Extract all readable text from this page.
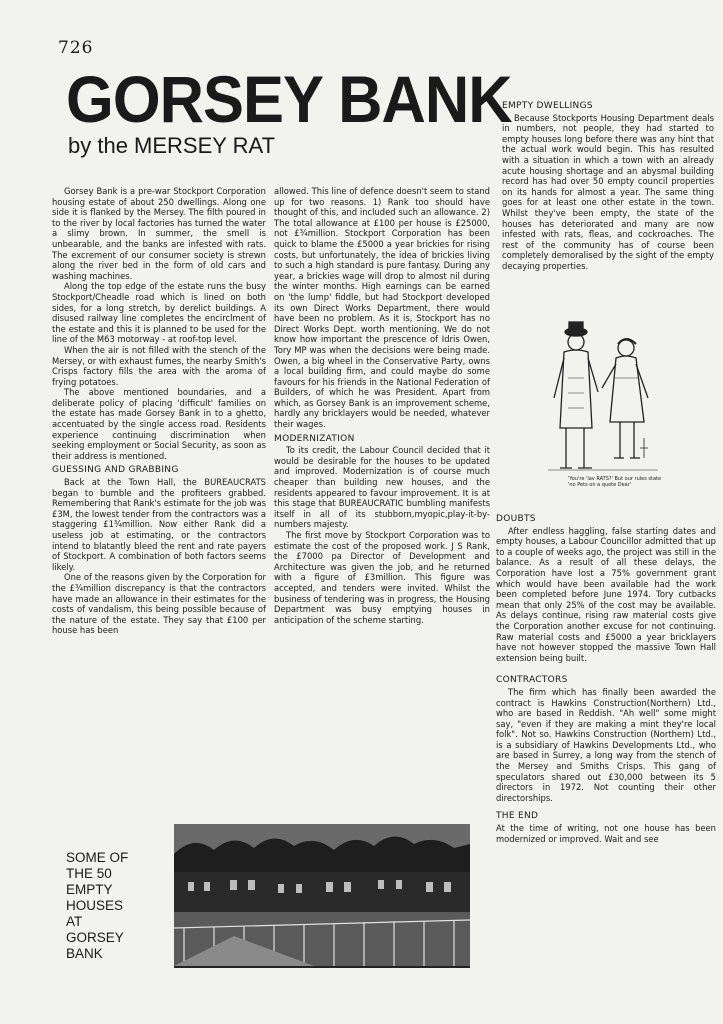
726
GORSEY BANK
by the MERSEY RAT

Gorsey Bank is a pre-war Stockport Corporation housing estate of about 250 dwellings. Along one side it is flanked by the Mersey. The filth poured in to the river by local factories has turned the water a slimy brown. In summer, the smell is unbearable, and the banks are infested with rats. The excrement of our consumer society is strewn along the river bed in the form of old cars and washing machines.

Along the top edge of the estate runs the busy Stockport/Cheadle road which is lined on both sides, for a long stretch, by derelict buildings. A disused railway line completes the encirclment of the estate and this it is planned to be used for the line of the M63 motorway - at roof-top level.

When the air is not filled with the stench of the Mersey, or with exhaust fumes, the nearby Smith's Crisps factory fills the area with the aroma of frying potatoes.

The above mentioned boundaries, and a deliberate policy of placing 'difficult' families on the estate has made Gorsey Bank in to a ghetto, accentuated by the single access road. Residents experience continuing discrimination when seeking employment or Social Security, as soon as their address is mentioned.

GUESSING AND GRABBING

Back at the Town Hall, the BUREAUCRATS began to bumble and the profiteers grabbed. Remembering that Rank's estimate for the job was £3M, the lowest tender from the contractors was a staggering £1¾million. Now either Rank did a useless job at estimating, or the contractors intend to blatantly bleed the rent and rate payers of Stockport. A combination of both factors seems likely.

One of the reasons given by the Corporation for the £¾million discrepancy is that the contractors have made an allowance in their estimates for the costs of vandalism, this being possible because of the nature of the estate. They say that £100 per house has been

allowed. This line of defence doesn't seem to stand up for two reasons. 1) Rank too should have thought of this, and included such an allowance. 2) The total allowance at £100 per house is £25000, not £¾million. Stockport Corporation has been quick to blame the £5000 a year brickies for rising costs, but unfortunately, the idea of brickies living to such a high standard is pure fantasy. During any year, a brickies wage will drop to almost nil during the winter months. High earnings can be earned on 'the lump' fiddle, but had Stockport developed its own Direct Works Department, there would have been no problem. As it is, Stockport has no Direct Works Dept. worth mentioning. We do not know how important the prescence of Idris Owen, Tory MP was when the decisions were being made. Owen, a big wheel in the Conservative Party, owns a local building firm, and could maybe do some favours for his friends in the National Federation of Builders, of which he was President. Apart from which, as Gorsey Bank is an improvement scheme, hardly any bricklayers would be needed, whatever their wages.

MODERNIZATION

To its credit, the Labour Council decided that it would be desirable for the houses to be updated and improved. Modernization is of course much cheaper than building new houses, and the residents appeared to favour improvement. It is at this stage that BUREAUCRATIC bumbling manifests itself in all of its stubborn,myopic,play-it-by-numbers majesty.

The first move by Stockport Corporation was to estimate the cost of the proposed work. J S Rank, the £7000 pa Director of Development and Architecture was given the job, and he returned with a figure of £3million. This figure was accepted, and tenders were invited. Whilst the business of tendering was in progress, the Housing Department was busy emptying houses in anticipation of the scheme starting.

EMPTY DWELLINGS

Because Stockports Housing Department deals in numbers, not people, they had started to empty houses long before there was any hint that the actual work would begin. This has resulted with a situation in which a town with an already acute housing shortage and an abysmal building record has had over 50 empty council properties on its hands for almost a year. The same thing goes for at least one other estate in the town. Whilst they've been empty, the state of the houses has deteriorated and many are now infested with rats, fleas, and cockroaches. The rest of the community has of course been completely demoralised by the sight of the empty decaying properties.

'You're 'lav RATS?' But our rules state 'no Pets on a quote Dear'
DOUBTS

After endless haggling, false starting dates and empty houses, a Labour Councillor admitted that up to a couple of weeks ago, the project was still in the balance. As a result of all these delays, the Corporation have lost a 75% government grant which would have been available had the work been completed before June 1974. Tory cutbacks mean that only 25% of the cost may be available. As delays continue, rising raw material costs give the Corporation another excuse for not continuing. Raw material costs and £5000 a year bricklayers have not however stopped the massive Town Hall extension being built.

CONTRACTORS

The firm which has finally been awarded the contract is Hawkins Construction(Northern) Ltd., who are based in Reddish. "Ah well" some might say, "even if they are making a mint they're local folk". Not so. Hawkins Construction (Northern) Ltd., is a subsidiary of Hawkins Developments Ltd., who are based in Surrey, a long way from the stench of the Mersey and Smiths Crisps. This gang of speculators shared out £30,000 between its 5 directors in 1972. Not counting their other directorships.

THE END

At the time of writing, not one house has been modernized or improved. Wait and see

SOME OF
THE 50
EMPTY
HOUSES
AT
GORSEY
BANK
